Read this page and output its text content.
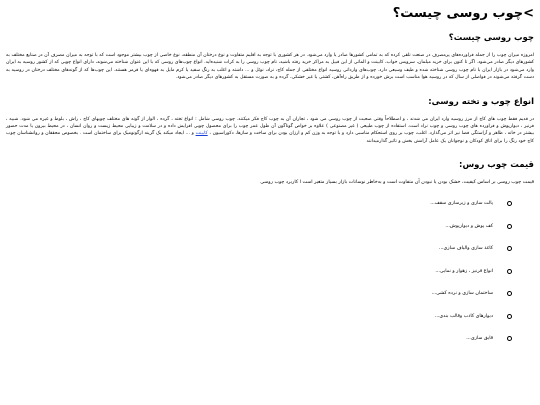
>چوب روسی چیست؟
چوب روسی چیست؟

امروزه میزان چوب را از جمله فراورده‌های پرمصرف در صنعت تلقی کرده که به تمامی کشورها صادر یا وارد می‌شود. در هر کشوری با توجه به اقلیم متفاوت و نوع درختان آن منطقه، نوع خاصی از چوب بیشتر موجود است که با توجه به میزان مصرف آن در صنایع مختلف به کشورهای دیگر صادر می‌شود. اگر تا کنون برای خرید میلمان، سرویس خواب، کابینت و الماتی از این قبیل به مراکز خرید رفته باشید، نام چوب روسی را به کرات شنیده‌اید. انواع چوب‌های روسی که با این عنوان شناخته می‌شوند، دارای انواع چوبی که از کشور روسیه به ایران وارد می‌شود در بازار ایران با نام چوب روسی شناخته شده و طیف وسیعی دارد. چوب‌های وارداتی روسیه انواع مختلفی از جمله کاج، نراد، نوئل و ... داشته و اغلب به رنگ سفید یا کرم مایل به قهوه‌ای یا قرمز هستند. این چوب‌ها که از گونه‌های مختلف درختان در روسیه به دست گرفته می‌شوند در فواصلی از سال که در روسیه هوا مناسب است برش خورده و از طریق راه‌آهن، کشتی یا غیر خشکی، گرده و به صورت مستقل به کشورهای دیگر صادر می‌شود.

انواع چوب و تخته روسی:

در قدیم فقط چوب های کاج از مرز روسیه وارد ایران می شدند ، و اصطلاحاً وقتی صحبت از چوب روسی می شود ، تجاران آن به چوب کاج فکر میکنند. چوب روسی شامل : انواع تخته ، گرده ، الوار از گونه های مختلف چوبهای کاج ، راش ، بلوط و غیره می شود. شبیه ، فرنیز ، دیوارپوش و فراورده های چوب روسی و چوب نراد است. استفاده از چوب طبیعی ( غیر مصنوعی ) علاوه بر خواص گوناگون آن طول عمر چوب را برای محصول چوبی افزایش داده و در سلامت و زیبایی محیط زیست و روان انسان ، در محیط بیرون یا مدت حضور بیشتر در خانه ، ظاهر و آراستگی فضا نیز اثر می‌گذارد. اغلب، چوب بر روی استحکام مناسبی دارد و با توجه به وزن کم و ارزان بودن برای ساخت و سازها، دکوراسیون ، کابینت و ... ایجاد میکند یک گزینه ارگونومیک برای ساختمان است . بخصوص محققان و روانشناسان چوب کاج خود رنگ را برای اتاق کودکان و نوجوانان یک عامل آرامش بخش و تاثیر گذارمیدانند

قیمت چوب روس:

قیمت چوب روسی بر اساس کیفیت، خشک بودن یا نبودن آن متفاوت است و به‌خاطر نوسانات بازار بسیار متغیر است ا کاربرد چوب روسی

پالت سازی و زیرسازی سقف...
کف پوش و دیوارپوش...
کاغذ سازی والیاف سازی...
انواع فرنیز ، زهوار و نمایی...
ساختمان سازی و نرده کشی...
دیوارهای کاذب وقالب بندی...
قایق سازی...
